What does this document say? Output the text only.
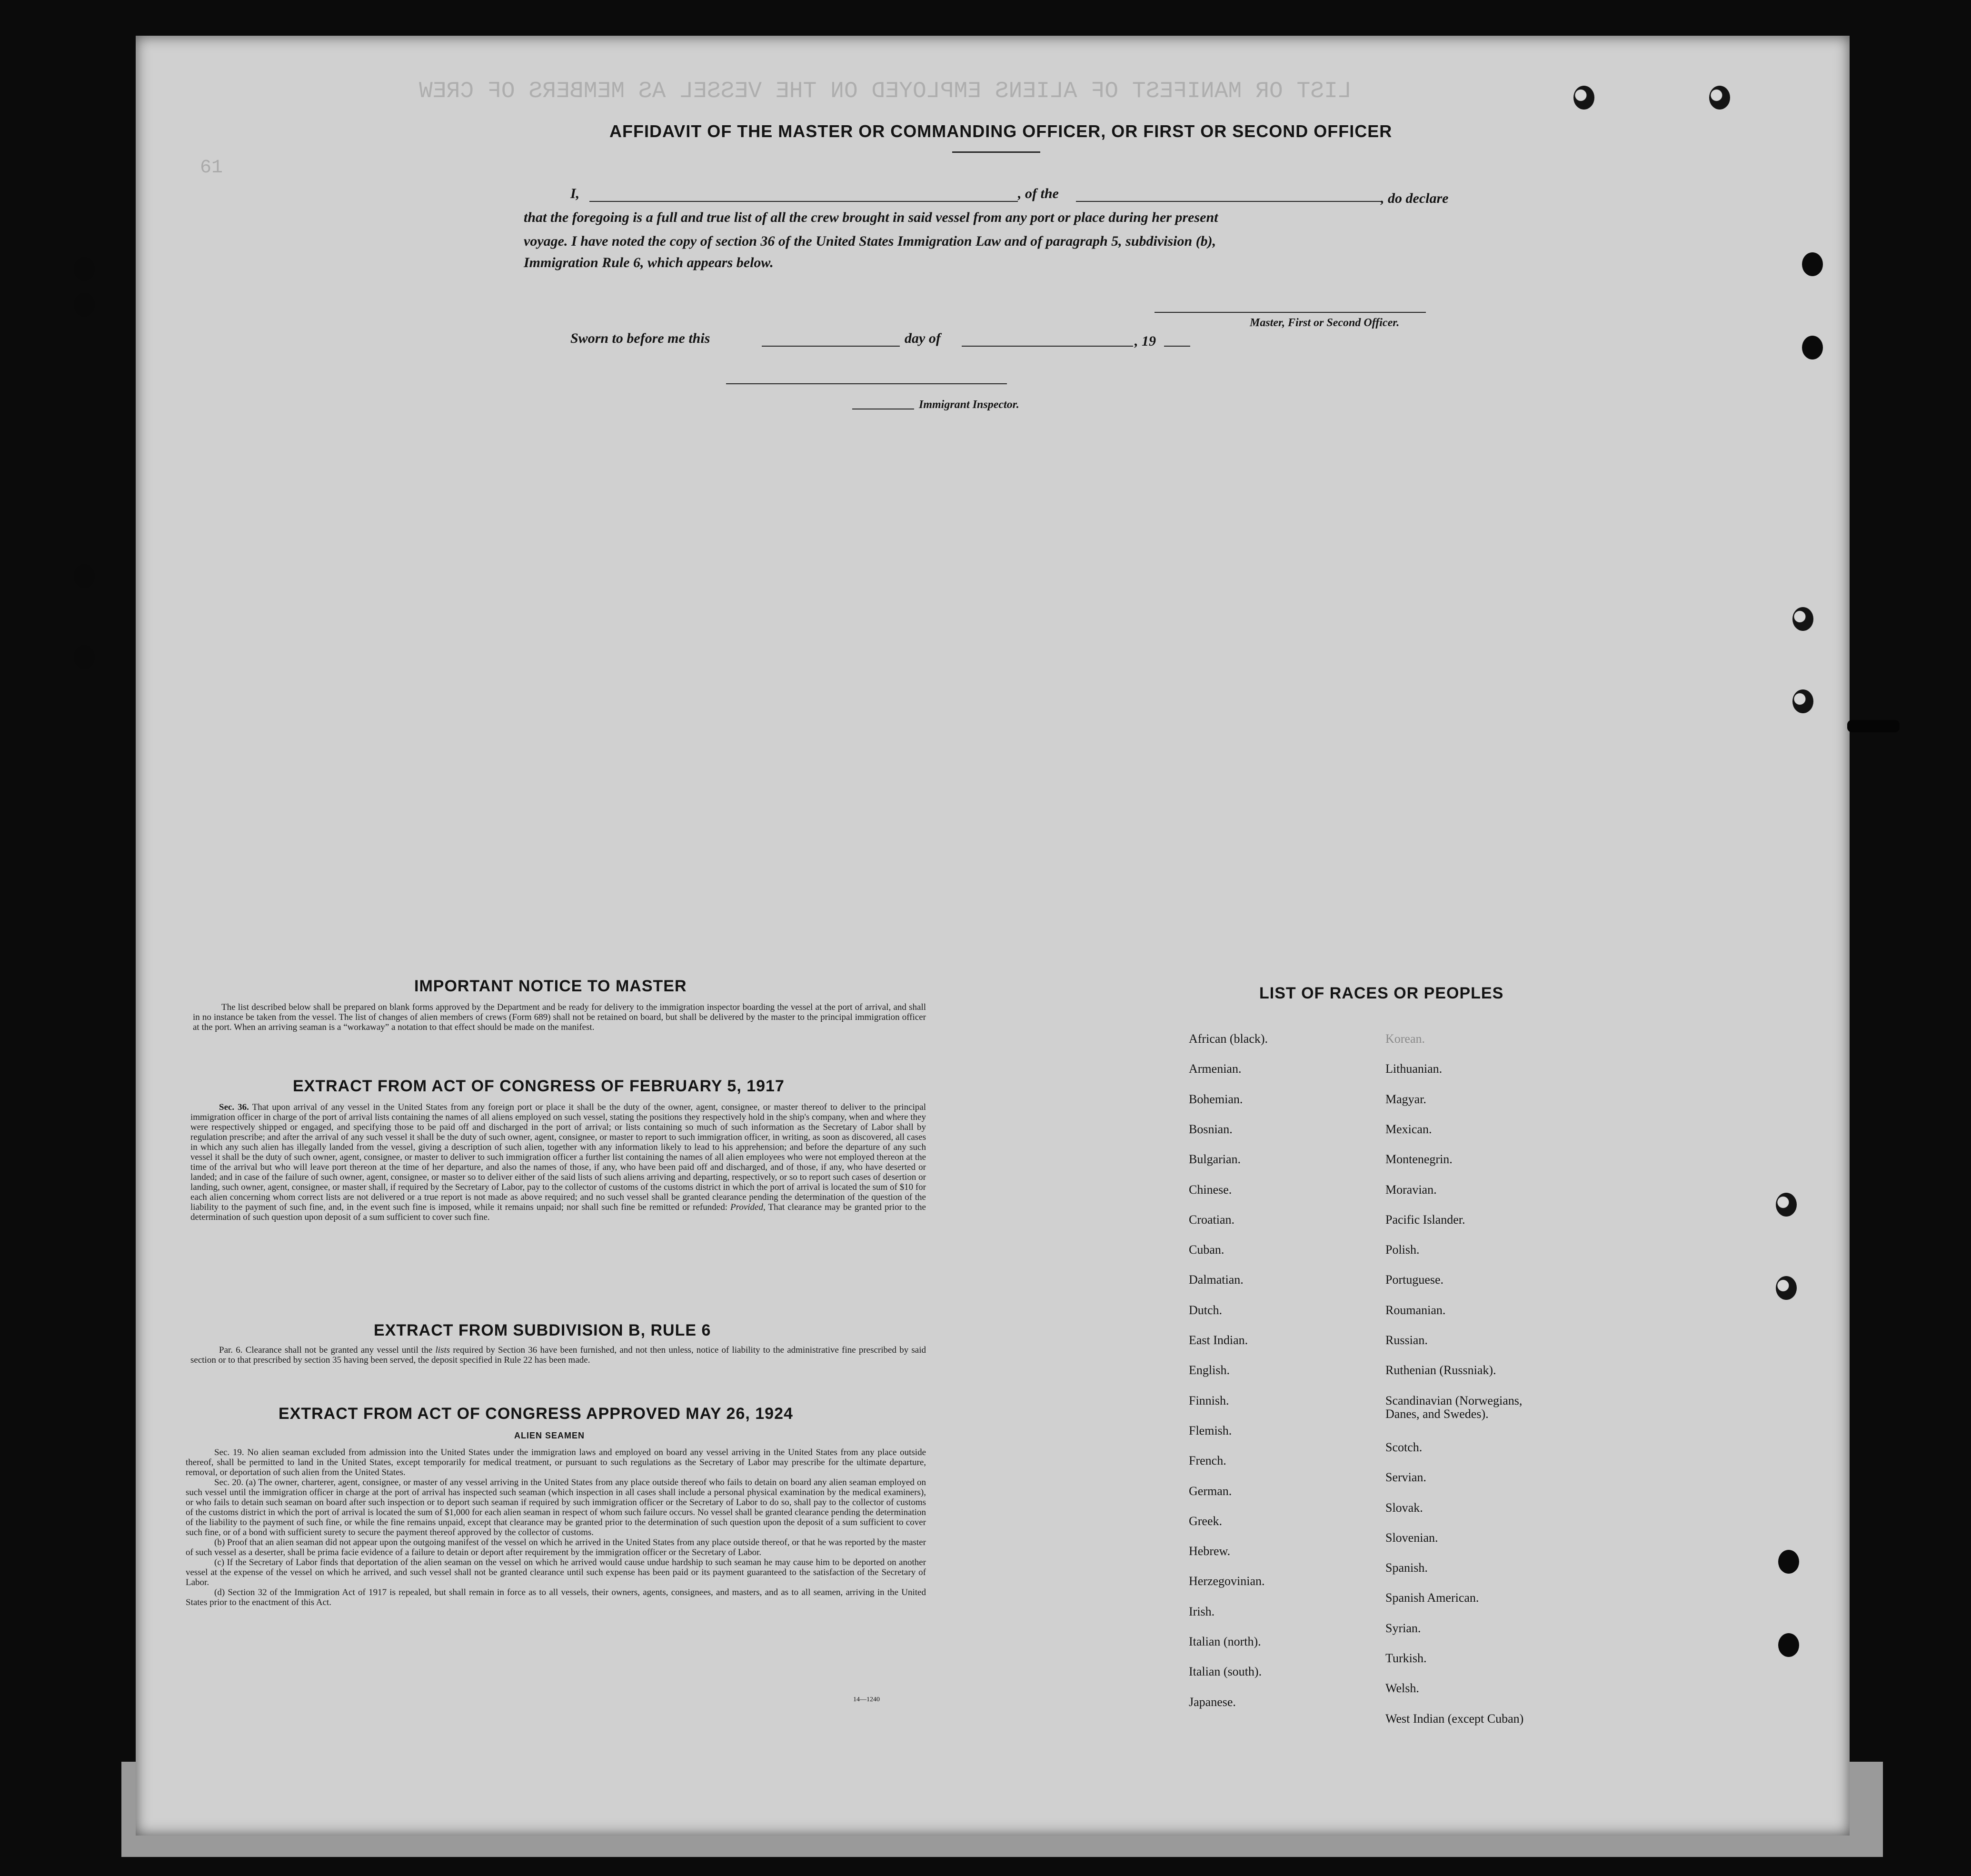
LIST OR MANIFEST OF ALIENS EMPLOYED ON THE VESSEL AS MEMBERS OF CREW
61
AFFIDAVIT OF THE MASTER OR COMMANDING OFFICER, OR FIRST OR SECOND OFFICER
I,	, of the	, do declare
that the foregoing is a full and true list of all the crew brought in said vessel from any port or place during her present
voyage. I have noted the copy of section 36 of the United States Immigration Law and of paragraph 5, subdivision (b),
Immigration Rule 6, which appears below.
Master, First or Second Officer.
Sworn to before me this	day of	, 19
Immigrant Inspector.
IMPORTANT NOTICE TO MASTER
The list described below shall be prepared on blank forms approved by the Department and be ready for delivery to the immigration inspector boarding the vessel at the port of arrival, and shall in no instance be taken from the vessel. The list of changes of alien members of crews (Form 689) shall not be retained on board, but shall be delivered by the master to the principal immigration officer at the port. When an arriving seaman is a “workaway” a notation to that effect should be made on the manifest.
EXTRACT FROM ACT OF CONGRESS OF FEBRUARY 5, 1917
Sec. 36. That upon arrival of any vessel in the United States from any foreign port or place it shall be the duty of the owner, agent, consignee, or master thereof to deliver to the principal immigration officer in charge of the port of arrival lists containing the names of all aliens employed on such vessel, stating the positions they respectively hold in the ship's company, when and where they were respectively shipped or engaged, and specifying those to be paid off and discharged in the port of arrival; or lists containing so much of such information as the Secretary of Labor shall by regulation prescribe; and after the arrival of any such vessel it shall be the duty of such owner, agent, consignee, or master to report to such immigration officer, in writing, as soon as discovered, all cases in which any such alien has illegally landed from the vessel, giving a description of such alien, together with any information likely to lead to his apprehension; and before the departure of any such vessel it shall be the duty of such owner, agent, consignee, or master to deliver to such immigration officer a further list containing the names of all alien employees who were not employed thereon at the time of the arrival but who will leave port thereon at the time of her departure, and also the names of those, if any, who have been paid off and discharged, and of those, if any, who have deserted or landed; and in case of the failure of such owner, agent, consignee, or master so to deliver either of the said lists of such aliens arriving and departing, respectively, or so to report such cases of desertion or landing, such owner, agent, consignee, or master shall, if required by the Secretary of Labor, pay to the collector of customs of the customs district in which the port of arrival is located the sum of $10 for each alien concerning whom correct lists are not delivered or a true report is not made as above required; and no such vessel shall be granted clearance pending the determination of the question of the liability to the payment of such fine, and, in the event such fine is imposed, while it remains unpaid; nor shall such fine be remitted or refunded: Provided, That clearance may be granted prior to the determination of such question upon deposit of a sum sufficient to cover such fine.
EXTRACT FROM SUBDIVISION B, RULE 6
Par. 6. Clearance shall not be granted any vessel until the lists required by Section 36 have been furnished, and not then unless, notice of liability to the administrative fine prescribed by said section or to that prescribed by section 35 having been served, the deposit specified in Rule 22 has been made.
EXTRACT FROM ACT OF CONGRESS APPROVED MAY 26, 1924
ALIEN SEAMEN
Sec. 19. No alien seaman excluded from admission into the United States under the immigration laws and employed on board any vessel arriving in the United States from any place outside thereof, shall be permitted to land in the United States, except temporarily for medical treatment, or pursuant to such regulations as the Secretary of Labor may prescribe for the ultimate departure, removal, or deportation of such alien from the United States.
Sec. 20. (a) The owner, charterer, agent, consignee, or master of any vessel arriving in the United States from any place outside thereof who fails to detain on board any alien seaman employed on such vessel until the immigration officer in charge at the port of arrival has inspected such seaman (which inspection in all cases shall include a personal physical examination by the medical examiners), or who fails to detain such seaman on board after such inspection or to deport such seaman if required by such immigration officer or the Secretary of Labor to do so, shall pay to the collector of customs of the customs district in which the port of arrival is located the sum of $1,000 for each alien seaman in respect of whom such failure occurs. No vessel shall be granted clearance pending the determination of the liability to the payment of such fine, or while the fine remains unpaid, except that clearance may be granted prior to the determination of such question upon the deposit of a sum sufficient to cover such fine, or of a bond with sufficient surety to secure the payment thereof approved by the collector of customs.
(b) Proof that an alien seaman did not appear upon the outgoing manifest of the vessel on which he arrived in the United States from any place outside thereof, or that he was reported by the master of such vessel as a deserter, shall be prima facie evidence of a failure to detain or deport after requirement by the immigration officer or the Secretary of Labor.
(c) If the Secretary of Labor finds that deportation of the alien seaman on the vessel on which he arrived would cause undue hardship to such seaman he may cause him to be deported on another vessel at the expense of the vessel on which he arrived, and such vessel shall not be granted clearance until such expense has been paid or its payment guaranteed to the satisfaction of the Secretary of Labor.
(d) Section 32 of the Immigration Act of 1917 is repealed, but shall remain in force as to all vessels, their owners, agents, consignees, and masters, and as to all seamen, arriving in the United States prior to the enactment of this Act.
14—1240
LIST OF RACES OR PEOPLES
African (black).
Armenian.
Bohemian.
Bosnian.
Bulgarian.
Chinese.
Croatian.
Cuban.
Dalmatian.
Dutch.
East Indian.
English.
Finnish.
Flemish.
French.
German.
Greek.
Hebrew.
Herzegovinian.
Irish.
Italian (north).
Italian (south).
Japanese.
Korean.
Lithuanian.
Magyar.
Mexican.
Montenegrin.
Moravian.
Pacific Islander.
Polish.
Portuguese.
Roumanian.
Russian.
Ruthenian (Russniak).
Scandinavian (Norwegians,
Danes, and Swedes).
Scotch.
Servian.
Slovak.
Slovenian.
Spanish.
Spanish American.
Syrian.
Turkish.
Welsh.
West Indian (except Cuban)
